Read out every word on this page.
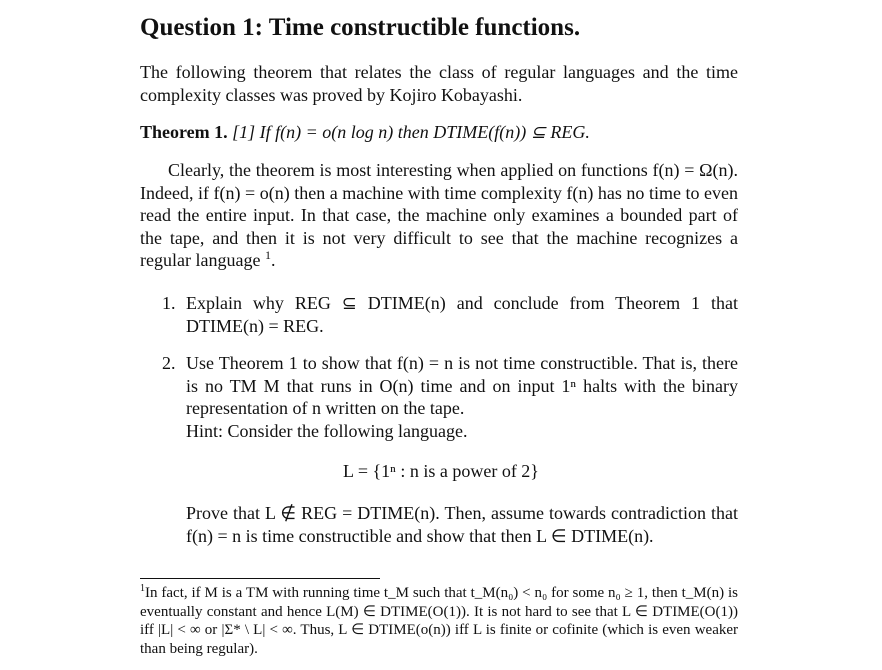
Question 1: Time constructible functions.
The following theorem that relates the class of regular languages and the time complexity classes was proved by Kojiro Kobayashi.
Theorem 1. [1] If f(n) = o(n log n) then DTIME(f(n)) ⊆ REG.
Clearly, the theorem is most interesting when applied on functions f(n) = Ω(n). Indeed, if f(n) = o(n) then a machine with time complexity f(n) has no time to even read the entire input. In that case, the machine only examines a bounded part of the tape, and then it is not very difficult to see that the machine recognizes a regular language $^1$.
1. Explain why REG ⊆ DTIME(n) and conclude from Theorem 1 that DTIME(n) = REG.
2. Use Theorem 1 to show that f(n) = n is not time constructible. That is, there is no TM M that runs in O(n) time and on input 1ⁿ halts with the binary representation of n written on the tape.
Hint: Consider the following language.
L = {1ⁿ : n is a power of 2}
Prove that L ∉ REG = DTIME(n). Then, assume towards contradiction that f(n) = n is time constructible and show that then L ∈ DTIME(n).
$^1$In fact, if M is a TM with running time t_M such that t_M(n₀) < n₀ for some n₀ ≥ 1, then t_M(n) is eventually constant and hence L(M) ∈ DTIME(O(1)). It is not hard to see that L ∈ DTIME(O(1)) iff |L| < ∞ or |Σ* \ L| < ∞. Thus, L ∈ DTIME(o(n)) iff L is finite or cofinite (which is even weaker than being regular).
